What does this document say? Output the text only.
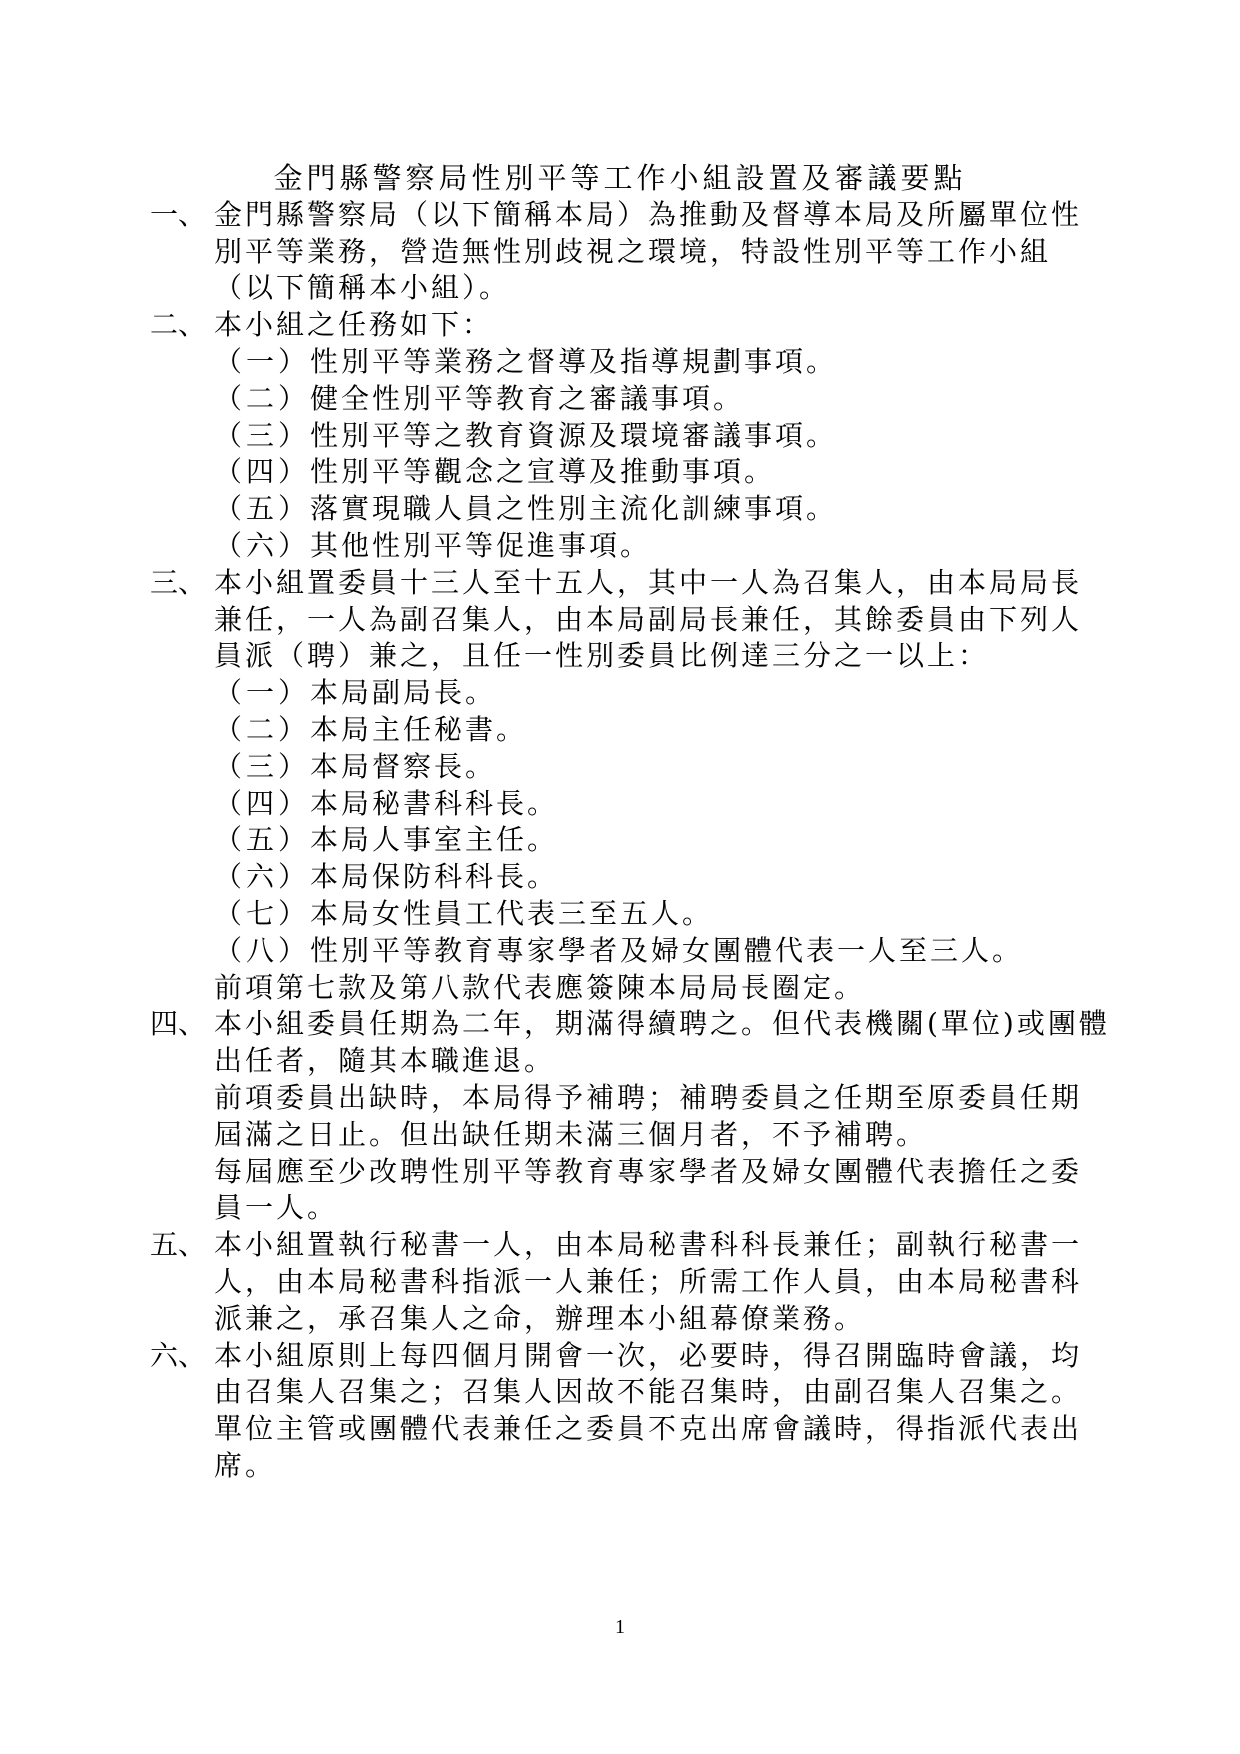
金門縣警察局性別平等工作小組設置及審議要點
一、 金門縣警察局（以下簡稱本局）為推動及督導本局及所屬單位性別平等業務，營造無性別歧視之環境，特設性別平等工作小組（以下簡稱本小組）。
二、 本小組之任務如下：
（一） 性別平等業務之督導及指導規劃事項。
（二） 健全性別平等教育之審議事項。
（三） 性別平等之教育資源及環境審議事項。
（四） 性別平等觀念之宣導及推動事項。
（五） 落實現職人員之性別主流化訓練事項。
（六） 其他性別平等促進事項。
三、 本小組置委員十三人至十五人，其中一人為召集人，由本局局長兼任，一人為副召集人，由本局副局長兼任，其餘委員由下列人員派（聘）兼之，且任一性別委員比例達三分之一以上：
（一） 本局副局長。
（二） 本局主任秘書。
（三） 本局督察長。
（四） 本局秘書科科長。
（五） 本局人事室主任。
（六） 本局保防科科長。
（七） 本局女性員工代表三至五人。
（八） 性別平等教育專家學者及婦女團體代表一人至三人。
前項第七款及第八款代表應簽陳本局局長圈定。
四、 本小組委員任期為二年，期滿得續聘之。但代表機關(單位)或團體出任者，隨其本職進退。
前項委員出缺時，本局得予補聘；補聘委員之任期至原委員任期屆滿之日止。但出缺任期未滿三個月者，不予補聘。
每屆應至少改聘性別平等教育專家學者及婦女團體代表擔任之委員一人。
五、 本小組置執行秘書一人，由本局秘書科科長兼任；副執行秘書一人，由本局秘書科指派一人兼任；所需工作人員，由本局秘書科派兼之，承召集人之命，辦理本小組幕僚業務。
六、 本小組原則上每四個月開會一次，必要時，得召開臨時會議，均由召集人召集之；召集人因故不能召集時，由副召集人召集之。
單位主管或團體代表兼任之委員不克出席會議時，得指派代表出席。
1
